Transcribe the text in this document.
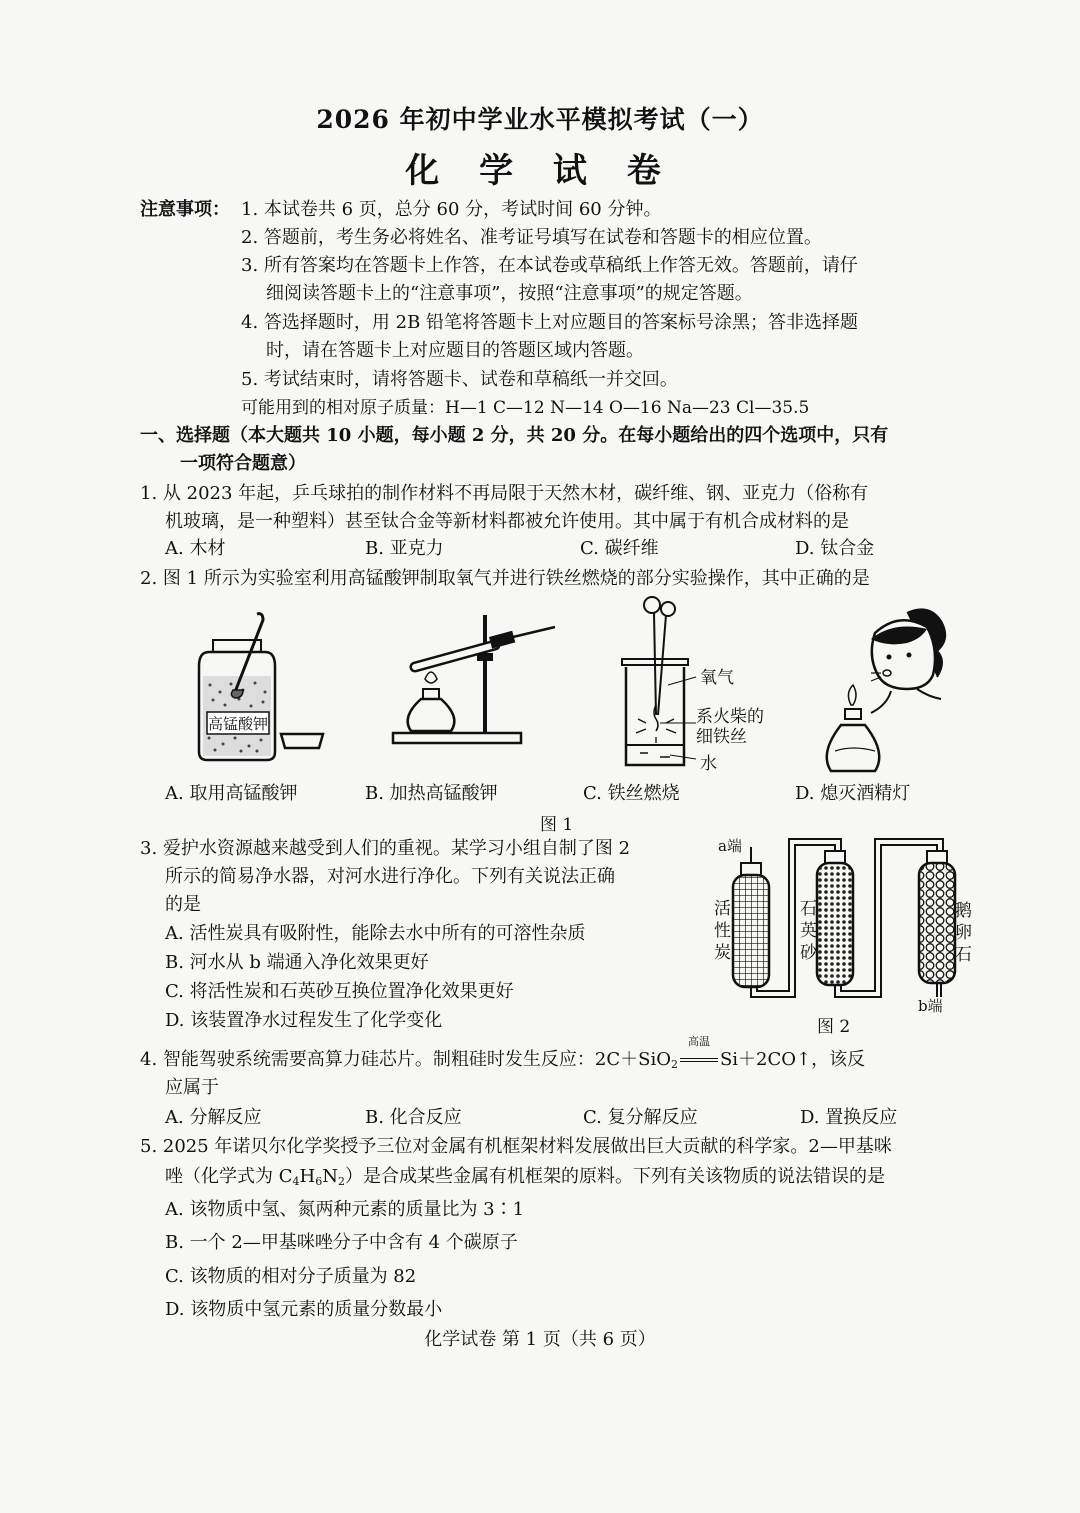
2026 年初中学业水平模拟考试（一）
化 学 试 卷
注意事项： 1. 本试卷共 6 页，总分 60 分，考试时间 60 分钟。
2. 答题前，考生务必将姓名、准考证号填写在试卷和答题卡的相应位置。
3. 所有答案均在答题卡上作答，在本试卷或草稿纸上作答无效。答题前，请仔
细阅读答题卡上的“注意事项”，按照“注意事项”的规定答题。
4. 答选择题时，用 2B 铅笔将答题卡上对应题目的答案标号涂黑；答非选择题
时，请在答题卡上对应题目的答题区域内答题。
5. 考试结束时，请将答题卡、试卷和草稿纸一并交回。
可能用到的相对原子质量：H—1 C—12 N—14 O—16 Na—23 Cl—35.5
一、选择题（本大题共 10 小题，每小题 2 分，共 20 分。在每小题给出的四个选项中，只有
一项符合题意）
1. 从 2023 年起，乒乓球拍的制作材料不再局限于天然木材，碳纤维、钢、亚克力（俗称有
机玻璃，是一种塑料）甚至钛合金等新材料都被允许使用。其中属于有机合成材料的是
A. 木材	B. 亚克力	C. 碳纤维	D. 钛合金
2. 图 1 所示为实验室利用高锰酸钾制取氧气并进行铁丝燃烧的部分实验操作，其中正确的是
高锰酸钾
氧气
系火柴的
细铁丝
水
A. 取用高锰酸钾	B. 加热高锰酸钾	C. 铁丝燃烧	D. 熄灭酒精灯
图 1
3. 爱护水资源越来越受到人们的重视。某学习小组自制了图 2
所示的简易净水器，对河水进行净化。下列有关说法正确
的是
A. 活性炭具有吸附性，能除去水中所有的可溶性杂质
B. 河水从 b 端通入净化效果更好
C. 将活性炭和石英砂互换位置净化效果更好
D. 该装置净水过程发生了化学变化
a端
b端
活
性
炭
石
英
砂
鹅
卵
石
图 2
4. 智能驾驶系统需要高算力硅芯片。制粗硅时发生反应：2C＋SiO$_2$
高温
Si＋2CO↑，该反
应属于
A. 分解反应	B. 化合反应	C. 复分解反应	D. 置换反应
5. 2025 年诺贝尔化学奖授予三位对金属有机框架材料发展做出巨大贡献的科学家。2—甲基咪
唑（化学式为 $C_4H_6N_2$）是合成某些金属有机框架的原料。下列有关该物质的说法错误的是
A. 该物质中氢、氮两种元素的质量比为 3∶1
B. 一个 2—甲基咪唑分子中含有 4 个碳原子
C. 该物质的相对分子质量为 82
D. 该物质中氢元素的质量分数最小
化学试卷 第 1 页（共 6 页）
